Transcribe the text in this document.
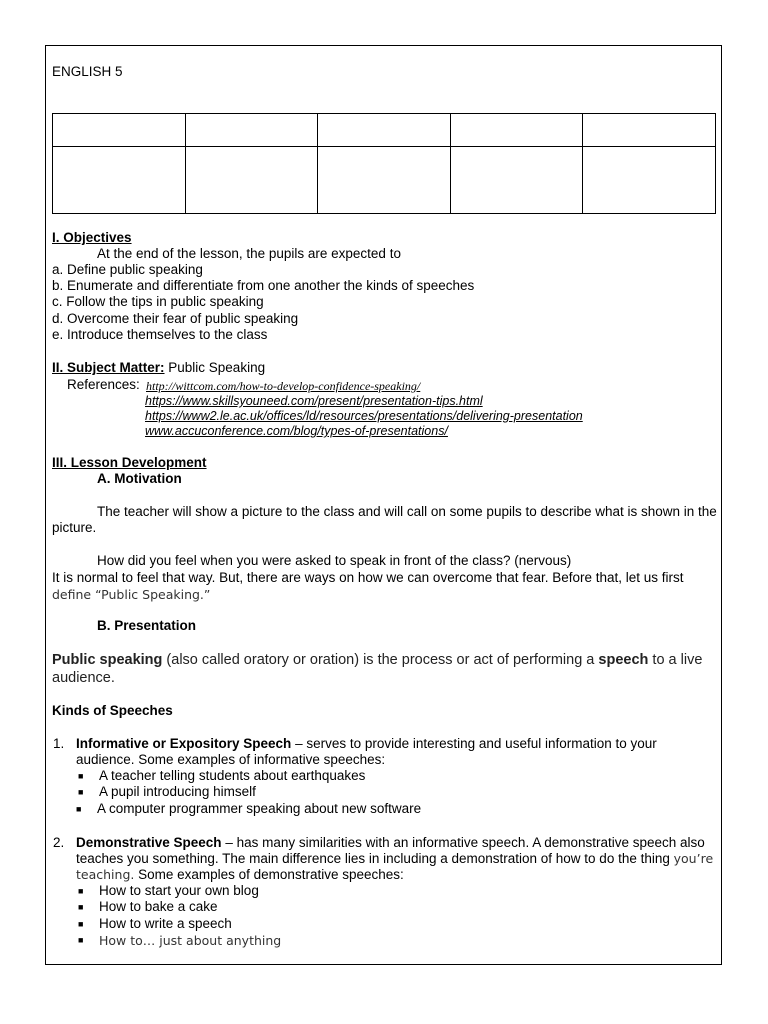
ENGLISH 5

I. Objectives
At the end of the lesson, the pupils are expected to
a. Define public speaking
b. Enumerate and differentiate from one another the kinds of speeches
c. Follow the tips in public speaking
d. Overcome their fear of public speaking
e. Introduce themselves to the class
II. Subject Matter: Public Speaking
References: http://wittcom.com/how-to-develop-confidence-speaking/
https://www.skillsyouneed.com/present/presentation-tips.html
https://www2.le.ac.uk/offices/ld/resources/presentations/delivering-presentation
www.accuconference.com/blog/types-of-presentations/
III. Lesson Development
A. Motivation
The teacher will show a picture to the class and will call on some pupils to describe what is shown in the picture.
How did you feel when you were asked to speak in front of the class? (nervous)
It is normal to feel that way. But, there are ways on how we can overcome that fear. Before that, let us first
define “Public Speaking.”
B. Presentation
Public speaking (also called oratory or oration) is the process or act of performing a speech to a live audience.
Kinds of Speeches
1. Informative or Expository Speech – serves to provide interesting and useful information to your audience. Some examples of informative speeches:
■ A teacher telling students about earthquakes
■ A pupil introducing himself
■ A computer programmer speaking about new software
2. Demonstrative Speech – has many similarities with an informative speech. A demonstrative speech also teaches you something. The main difference lies in including a demonstration of how to do the thing you’re teaching. Some examples of demonstrative speeches:
■ How to start your own blog
■ How to bake a cake
■ How to write a speech
■ How to… just about anything
